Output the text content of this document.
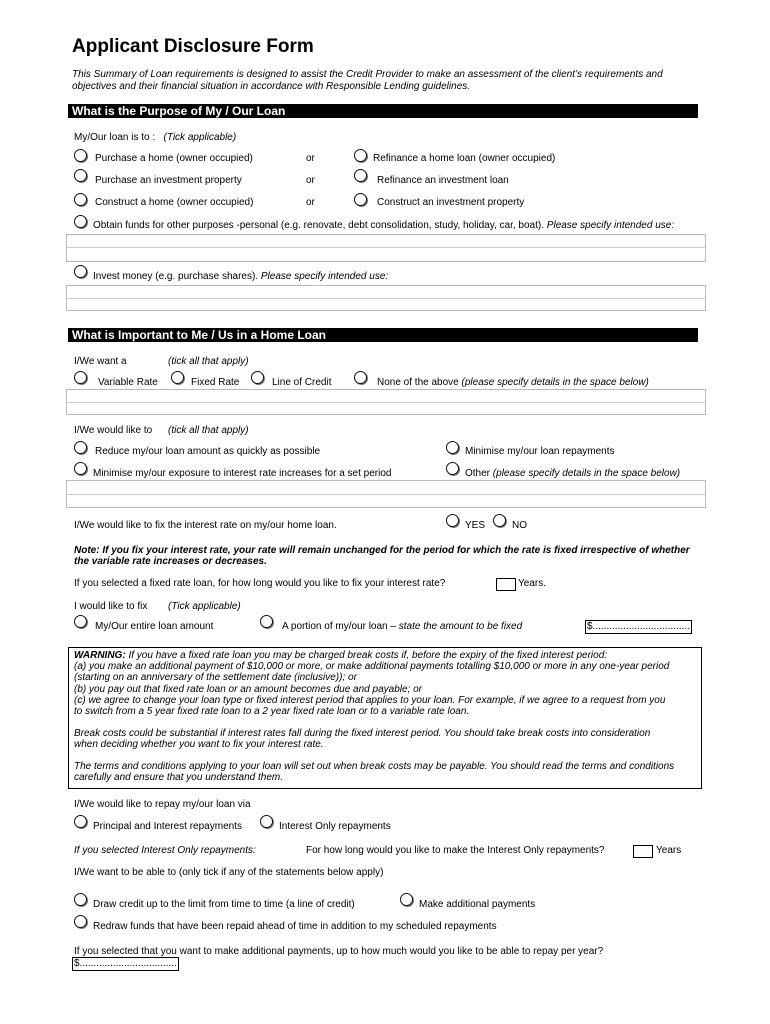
Applicant Disclosure Form
This Summary of Loan requirements is designed to assist the Credit Provider to make an assessment of the client’s requirements and objectives and their financial situation in accordance with Responsible Lending guidelines.
What is the Purpose of My / Our Loan
My/Our loan is to : (Tick applicable)
Purchase a home (owner occupied)	or	Refinance a home loan (owner occupied)
Purchase an investment property	or	Refinance an investment loan
Construct a home (owner occupied)	or	Construct an investment property
Obtain funds for other purposes -personal (e.g. renovate, debt consolidation, study, holiday, car, boat). Please specify intended use:
Invest money (e.g. purchase shares). Please specify intended use:
What is Important to Me / Us in a Home Loan
I/We want a	(tick all that apply)
Variable Rate	Fixed Rate	Line of Credit	None of the above (please specify details in the space below)
I/We would like to (tick all that apply)
Reduce my/our loan amount as quickly as possible	Minimise my/our loan repayments
Minimise my/our exposure to interest rate increases for a set period	Other (please specify details in the space below)
I/We would like to fix the interest rate on my/our home loan.	YES	NO
Note: If you fix your interest rate, your rate will remain unchanged for the period for which the rate is fixed irrespective of whether the variable rate increases or decreases.
If you selected a fixed rate loan, for how long would you like to fix your interest rate?	Years.
I would like to fix (Tick applicable)
My/Our entire loan amount	A portion of my/our loan – state the amount to be fixed	$...................................
WARNING: If you have a fixed rate loan you may be charged break costs if, before the expiry of the fixed interest period:
(a) you make an additional payment of $10,000 or more, or make additional payments totalling $10,000 or more in any one-year period
(starting on an anniversary of the settlement date (inclusive)); or
(b) you pay out that fixed rate loan or an amount becomes due and payable; or
(c) we agree to change your loan type or fixed interest period that applies to your loan. For example, if we agree to a request from you
to switch from a 5 year fixed rate loan to a 2 year fixed rate loan or to a variable rate loan.
Break costs could be substantial if interest rates fall during the fixed interest period. You should take break costs into consideration
when deciding whether you want to fix your interest rate.
The terms and conditions applying to your loan will set out when break costs may be payable. You should read the terms and conditions
carefully and ensure that you understand them.
I/We would like to repay my/our loan via
Principal and Interest repayments	Interest Only repayments
If you selected Interest Only repayments:	For how long would you like to make the Interest Only repayments?	Years
I/We want to be able to (only tick if any of the statements below apply)
Draw credit up to the limit from time to time (a line of credit)	Make additional payments
Redraw funds that have been repaid ahead of time in addition to my scheduled repayments
If you selected that you want to make additional payments, up to how much would you like to be able to repay per year?
$...................................
